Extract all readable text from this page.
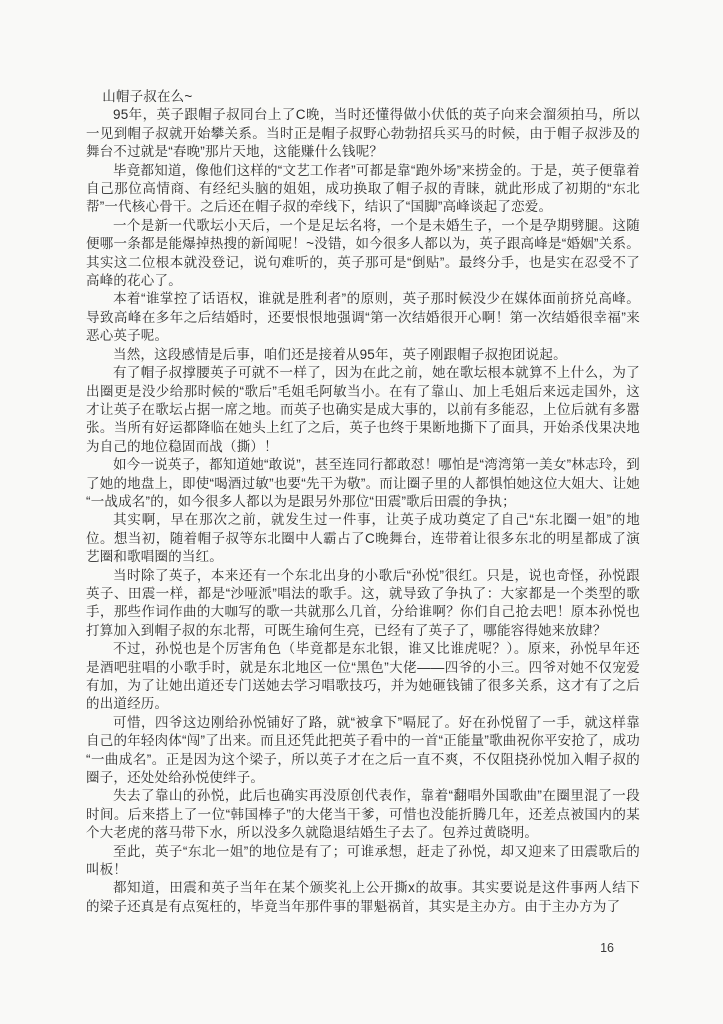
山帽子叔在么~

95年，英子跟帽子叔同台上了C晚，当时还懂得做小伏低的英子向来会溜须拍马，所以一见到帽子叔就开始攀关系。当时正是帽子叔野心勃勃招兵买马的时候，由于帽子叔涉及的舞台不过就是“春晚”那片天地，这能赚什么钱呢？

毕竟都知道，像他们这样的“文艺工作者”可都是靠“跑外场”来捞金的。于是，英子便靠着自己那位高情商、有经纪头脑的姐姐，成功换取了帽子叔的青睐，就此形成了初期的“东北帮”一代核心骨干。之后还在帽子叔的牵线下，结识了“国脚”高峰谈起了恋爱。

一个是新一代歌坛小天后，一个是足坛名将，一个是未婚生子，一个是孕期劈腿。这随便哪一条都是能爆掉热搜的新闻呢！~没错，如今很多人都以为，英子跟高峰是“婚姻”关系。其实这二位根本就没登记，说句难听的，英子那可是“倒贴”。最终分手，也是实在忍受不了高峰的花心了。

本着“谁掌控了话语权，谁就是胜利者”的原则，英子那时候没少在媒体面前挤兑高峰。导致高峰在多年之后结婚时，还要恨恨地强调“第一次结婚很开心啊！第一次结婚很幸福”来恶心英子呢。

当然，这段感情是后事，咱们还是接着从95年，英子刚跟帽子叔抱团说起。

有了帽子叔撑腰英子可就不一样了，因为在此之前，她在歌坛根本就算不上什么，为了出圈更是没少给那时候的“歌后”毛姐毛阿敏当小。在有了靠山、加上毛姐后来远走国外，这才让英子在歌坛占据一席之地。而英子也确实是成大事的，以前有多能忍，上位后就有多嚣张。当所有好运都降临在她头上红了之后，英子也终于果断地撕下了面具，开始杀伐果决地为自己的地位稳固而战（撕）！

如今一说英子，都知道她“敢说”，甚至连同行都敢怼！哪怕是“湾湾第一美女”林志玲，到了她的地盘上，即使“喝酒过敏”也要“先干为敬”。而让圈子里的人都惧怕她这位大姐大、让她“一战成名”的，如今很多人都以为是跟另外那位“田震”歌后田震的争执；

其实啊，早在那次之前，就发生过一件事，让英子成功奠定了自己“东北圈一姐”的地位。想当初，随着帽子叔等东北圈中人霸占了C晚舞台，连带着让很多东北的明星都成了演艺圈和歌唱圈的当红。

当时除了英子，本来还有一个东北出身的小歌后“孙悦”很红。只是，说也奇怪，孙悦跟英子、田震一样，都是“沙哑派”唱法的歌手。这，就导致了争执了：大家都是一个类型的歌手，那些作词作曲的大咖写的歌一共就那么几首，分给谁啊？你们自己抢去吧！原本孙悦也打算加入到帽子叔的东北帮，可既生瑜何生亮，已经有了英子了，哪能容得她来放肆？

不过，孙悦也是个厉害角色（毕竟都是东北银，谁又比谁虎呢？）。原来，孙悦早年还是酒吧驻唱的小歌手时，就是东北地区一位“黑色”大佬——四爷的小三。四爷对她不仅宠爱有加，为了让她出道还专门送她去学习唱歌技巧，并为她砸钱铺了很多关系，这才有了之后的出道经历。

可惜，四爷这边刚给孙悦铺好了路，就“被拿下”嗝屁了。好在孙悦留了一手，就这样靠自己的年轻肉体“闯”了出来。而且还凭此把英子看中的一首“正能量”歌曲祝你平安抢了，成功“一曲成名”。正是因为这个梁子，所以英子才在之后一直不爽，不仅阻挠孙悦加入帽子叔的圈子，还处处给孙悦使绊子。

失去了靠山的孙悦，此后也确实再没原创代表作，靠着“翻唱外国歌曲”在圈里混了一段时间。后来搭上了一位“韩国棒子”的大佬当干爹，可惜也没能折腾几年，还差点被国内的某个大老虎的落马带下水，所以没多久就隐退结婚生子去了。包养过黄晓明。

至此，英子“东北一姐”的地位是有了；可谁承想，赶走了孙悦，却又迎来了田震歌后的叫板！

都知道，田震和英子当年在某个颁奖礼上公开撕x的故事。其实要说是这件事两人结下的梁子还真是有点冤枉的，毕竟当年那件事的罪魁祸首，其实是主办方。由于主办方为了

16
